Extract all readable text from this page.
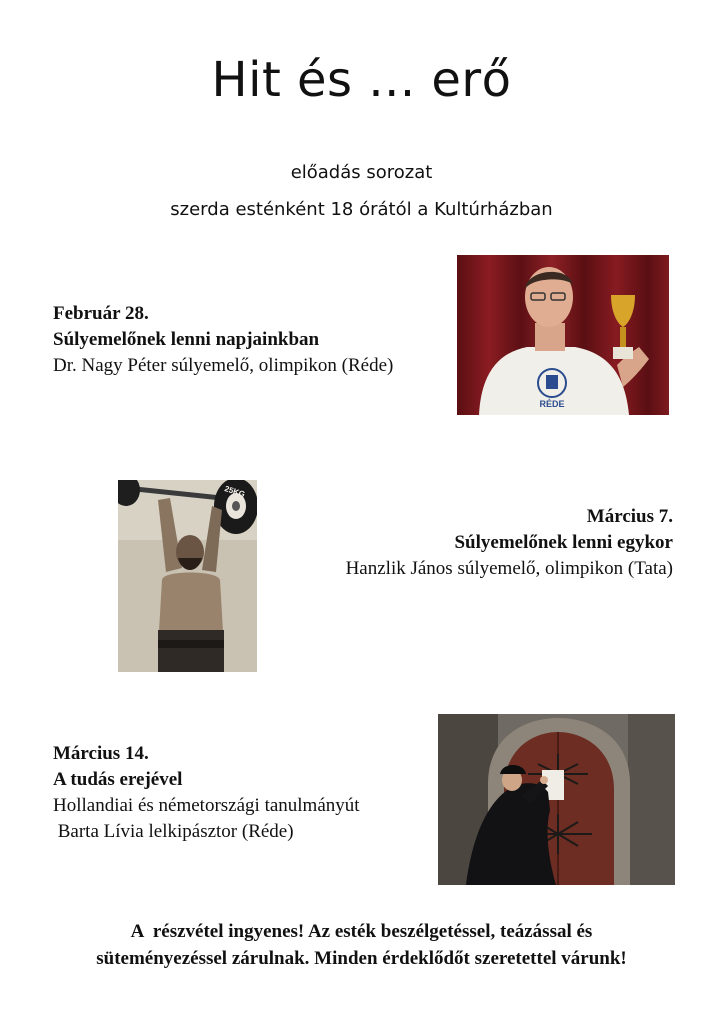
Hit és ... erő
előadás sorozat
szerda esténként 18 órától a Kultúrházban
Február 28.
Súlyemelőnek lenni napjainkban
Dr. Nagy Péter súlyemelő, olimpikon (Réde)
RÉDE
Március 7.
Súlyemelőnek lenni egykor
Hanzlik János súlyemelő, olimpikon (Tata)
25KG
Március 14.
A tudás erejével
Hollandiai és németországi tanulmányút
Barta Lívia lelkipásztor (Réde)
A  részvétel ingyenes! Az esték beszélgetéssel, teázással és
süteményezéssel zárulnak. Minden érdeklődőt szeretettel várunk!
